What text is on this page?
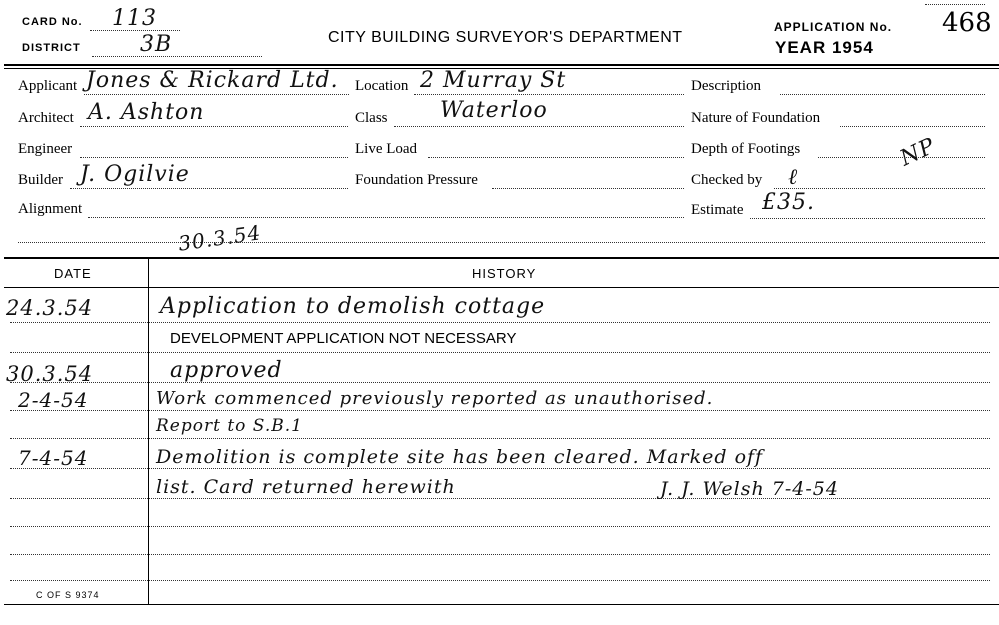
CARD No. 113
DISTRICT	3B	CITY BUILDING SURVEYOR'S DEPARTMENT
APPLICATION No. 468
YEAR 1954
Applicant Jones & Rickard Ltd. Location 2 Murray St	Description
Architect A. Ashton	Class Waterloo	Nature of Foundation
Engineer	Live Load	Depth of Footings	NP
Builder J. Ogilvie	Foundation Pressure	Checked by ℓ
Alignment	Estimate £35.
30.3.54
DATE	HISTORY
24.3.54	Application to demolish cottage
DEVELOPMENT APPLICATION NOT NECESSARY
30.3.54	approved
2-4-54	Work commenced previously reported as unauthorised.
Report to S.B.1
7-4-54	Demolition is complete site has been cleared. Marked off
list. Card returned herewith	J. J. Welsh 7-4-54
C OF S 9374
